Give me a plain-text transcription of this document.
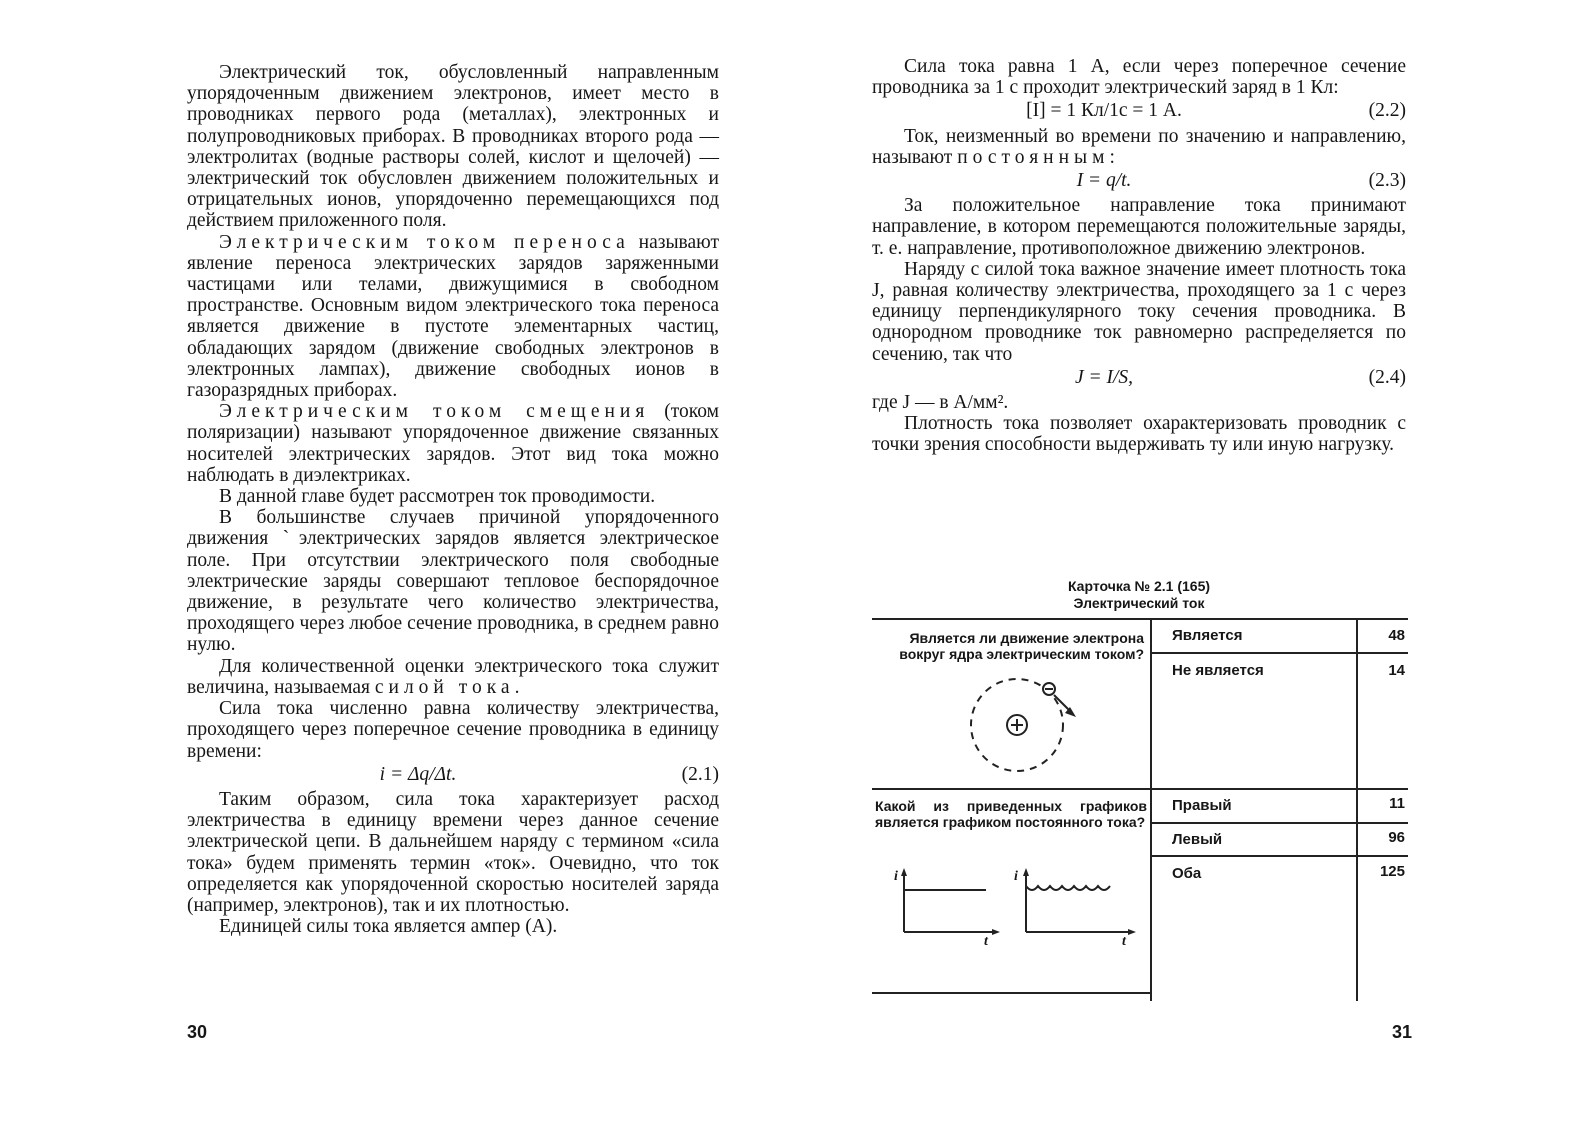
Электрический ток, обусловленный направленным упорядоченным движением электронов, имеет место в проводниках первого рода (металлах), электронных и полупроводниковых приборах. В проводниках второго рода — электролитах (водные растворы солей, кислот и щелочей) — электрический ток обусловлен движением положительных и отрицательных ионов, упорядоченно перемещающихся под действием приложенного поля.

Электрическим током переноса называют явление переноса электрических зарядов заряженными частицами или телами, движущимися в свободном пространстве. Основным видом электрического тока переноса является движение в пустоте элементарных частиц, обладающих зарядом (движение свободных электронов в электронных лампах), движение свободных ионов в газоразрядных приборах.

Электрическим током смещения (током поляризации) называют упорядоченное движение связанных носителей электрических зарядов. Этот вид тока можно наблюдать в диэлектриках.

В данной главе будет рассмотрен ток проводимости.

В большинстве случаев причиной упорядоченного движения ˋэлектрических зарядов является электрическое поле. При отсутствии электрического поля свободные электрические заряды совершают тепловое беспорядочное движение, в результате чего количество электричества, проходящего через любое сечение проводника, в среднем равно нулю.

Для количественной оценки электрического тока служит величина, называемая силой тока.

Сила тока численно равна количеству электричества, проходящего через поперечное сечение проводника в единицу времени:

i = Δq/Δt.	(2.1)

Таким образом, сила тока характеризует расход электричества в единицу времени через данное сечение электрической цепи. В дальнейшем наряду с термином «сила тока» будем применять термин «ток». Очевидно, что ток определяется как упорядоченной скоростью носителей заряда (например, электронов), так и их плотностью.

Единицей силы тока является ампер (А).

30

Сила тока равна 1 А, если через поперечное сечение проводника за 1 с проходит электрический заряд в 1 Кл:

[I] = 1 Кл/1с = 1 А.	(2.2)

Ток, неизменный во времени по значению и направлению, называют постоянным:

I = q/t.	(2.3)

За положительное направление тока принимают направление, в котором перемещаются положительные заряды, т. е. направление, противоположное движению электронов.

Наряду с силой тока важное значение имеет плотность тока J, равная количеству электричества, проходящего за 1 с через единицу перпендикулярного току сечения проводника. В однородном проводнике ток равномерно распределяется по сечению, так что

J = I/S,	(2.4)

где J — в А/мм².

Плотность тока позволяет охарактеризовать проводник с точки зрения способности выдерживать ту или иную нагрузку.

Карточка № 2.1 (165)
Электрический ток
Является ли движение электрона вокруг ядра электрическим током?
Является	48
Не является	14
Какой из приведенных графиков является графиком постоянного тока?
Правый	11
Левый	96
Оба	125
i
t
i
t
31
